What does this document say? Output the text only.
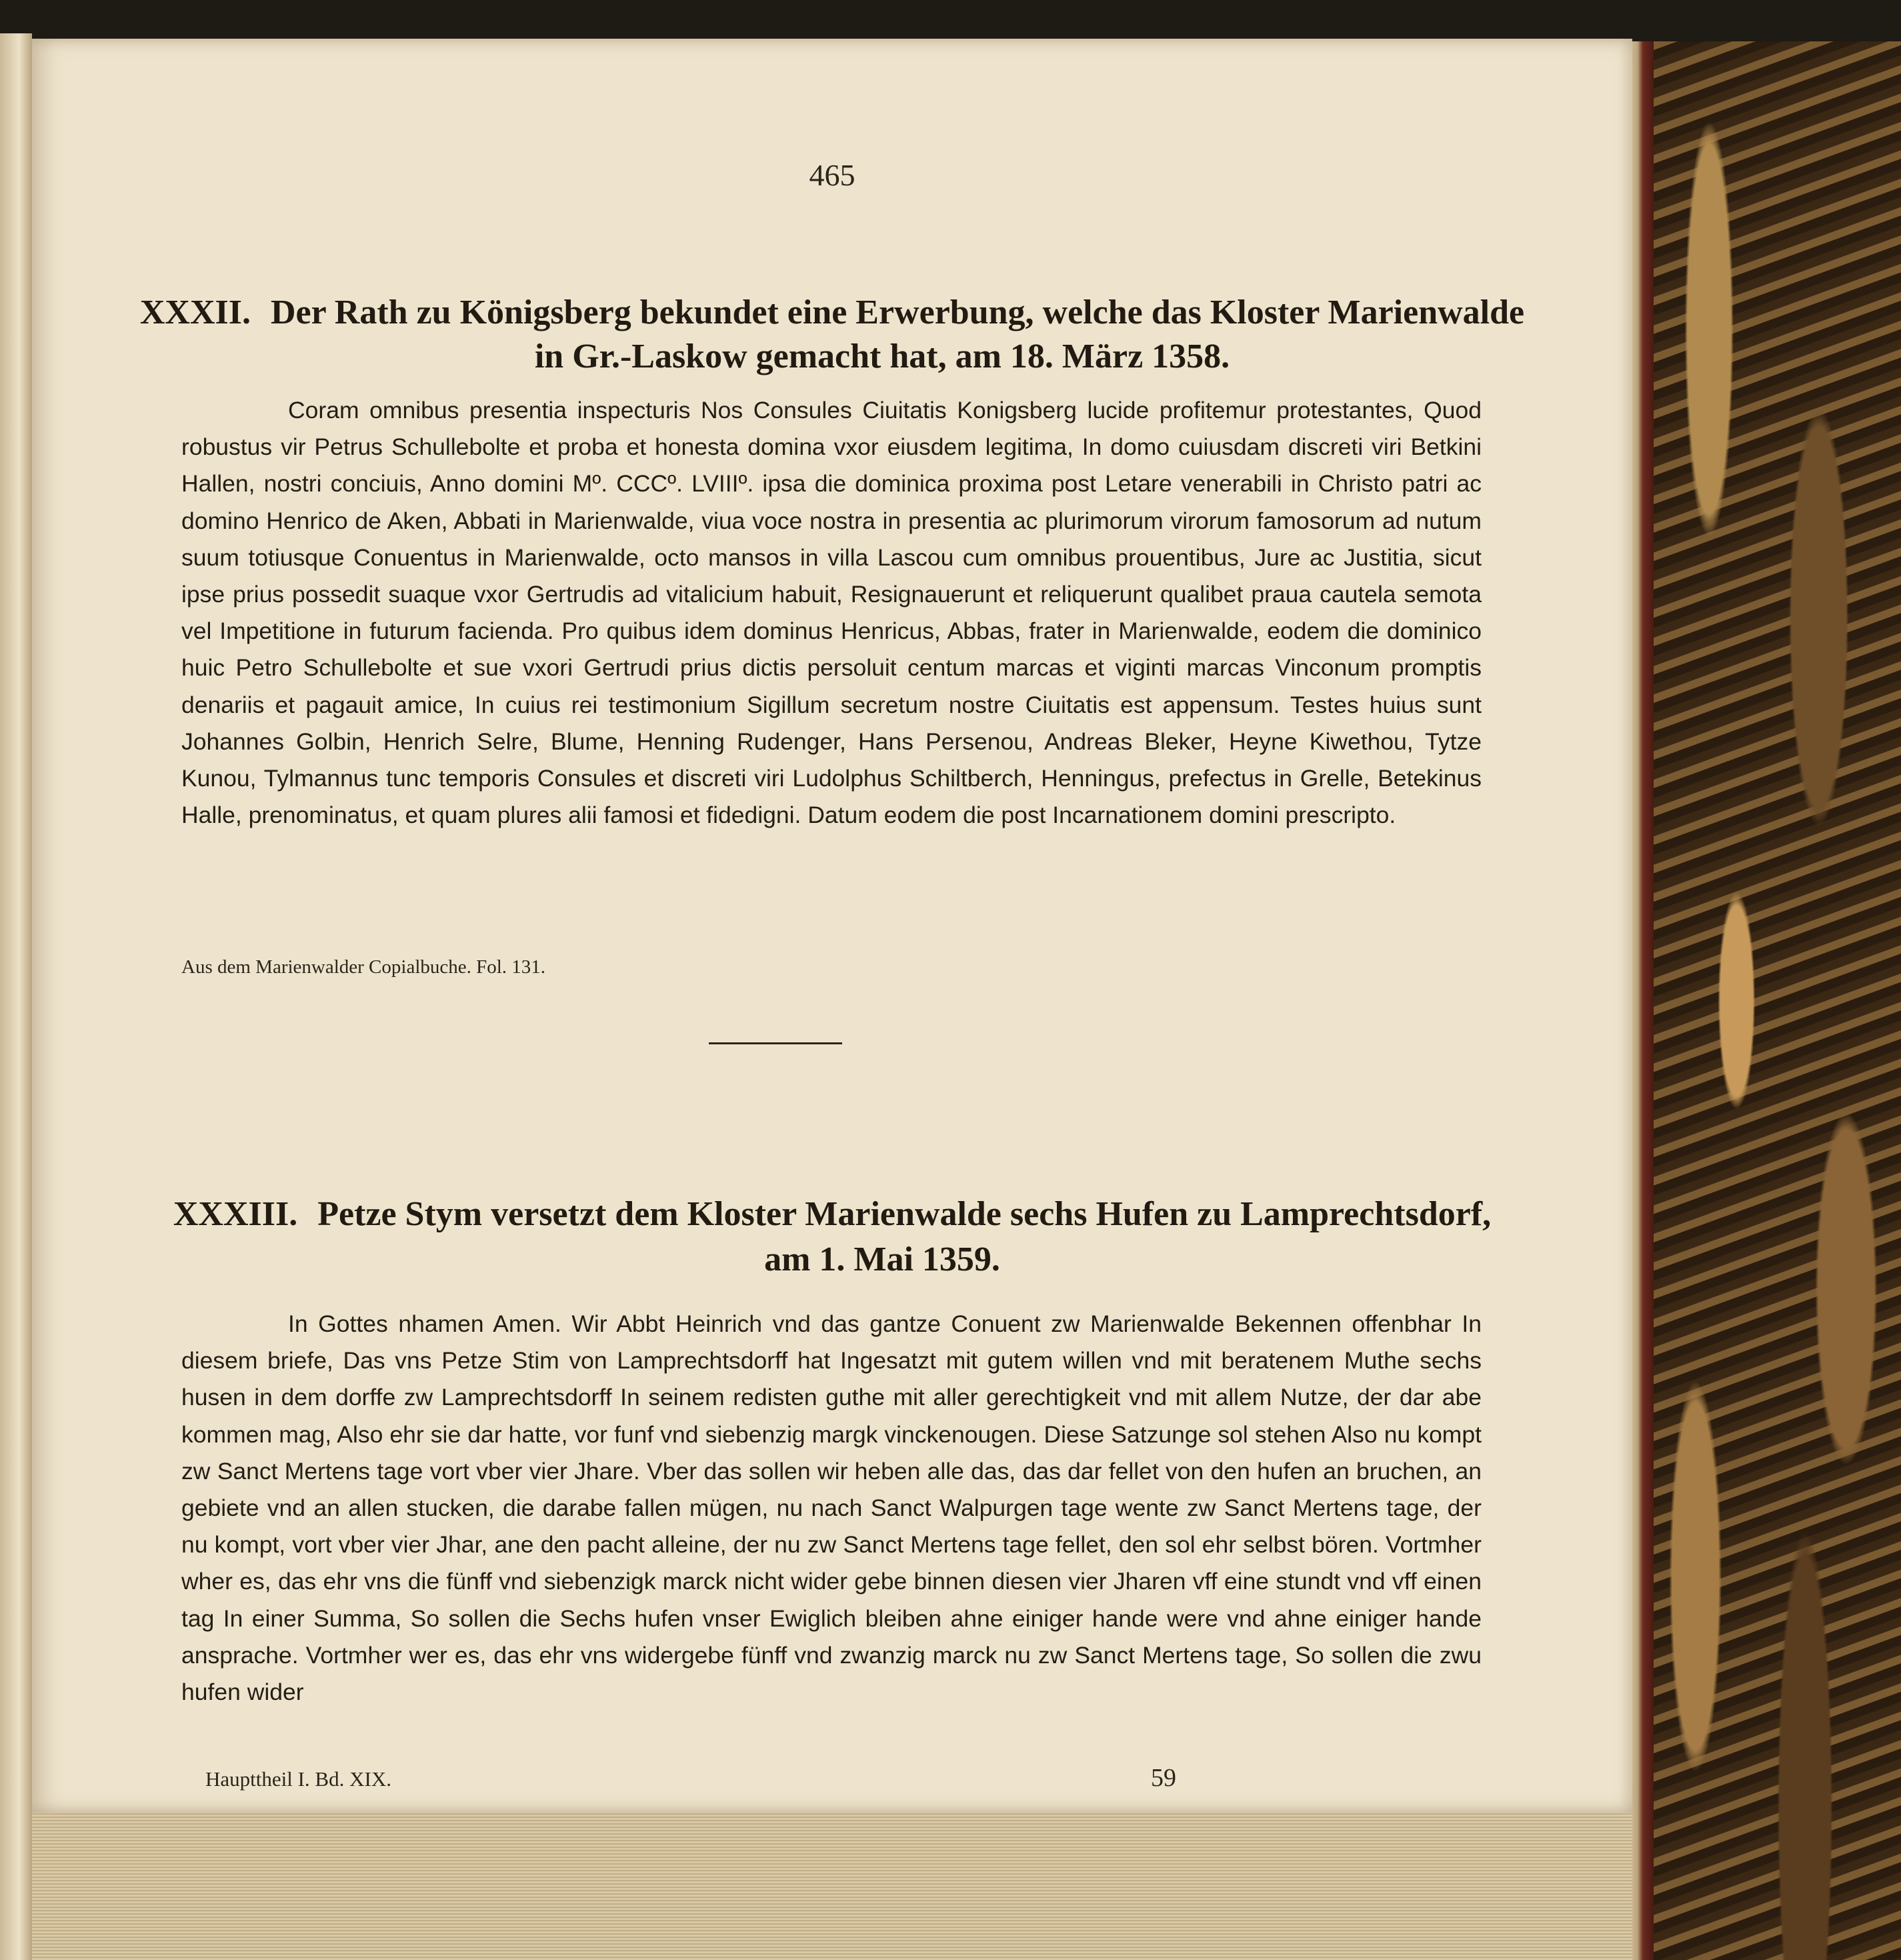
465
XXXII. Der Rath zu Königsberg bekundet eine Erwerbung, welche das Kloster Marienwalde
in Gr.-Laskow gemacht hat, am 18. März 1358.

Coram omnibus presentia inspecturis Nos Consules Ciuitatis Konigsberg lucide profitemur protestantes, Quod robustus vir Petrus Schullebolte et proba et honesta domina vxor eiusdem legitima, In domo cuiusdam discreti viri Betkini Hallen, nostri conciuis, Anno domini Mº. CCCº. LVIIIº. ipsa die dominica proxima post Letare venerabili in Christo patri ac domino Henrico de Aken, Abbati in Marienwalde, viua voce nostra in presentia ac plurimorum virorum famosorum ad nutum suum totiusque Conuentus in Marienwalde, octo mansos in villa Lascou cum omnibus prouentibus, Jure ac Justitia, sicut ipse prius possedit suaque vxor Gertrudis ad vitalicium habuit, Resignauerunt et reliquerunt qualibet praua cautela semota vel Impetitione in futurum facienda. Pro quibus idem dominus Henricus, Abbas, frater in Marienwalde, eodem die dominico huic Petro Schullebolte et sue vxori Gertrudi prius dictis persoluit centum marcas et viginti marcas Vinconum promptis denariis et pagauit amice, In cuius rei testimonium Sigillum secretum nostre Ciuitatis est appensum. Testes huius sunt Johannes Golbin, Henrich Selre, Blume, Henning Rudenger, Hans Persenou, Andreas Bleker, Heyne Kiwethou, Tytze Kunou, Tylmannus tunc temporis Consules et discreti viri Ludolphus Schiltberch, Henningus, prefectus in Grelle, Betekinus Halle, prenominatus, et quam plures alii famosi et fidedigni. Datum eodem die post Incarnationem domini prescripto.

Aus dem Marienwalder Copialbuche. Fol. 131.
XXXIII. Petze Stym versetzt dem Kloster Marienwalde sechs Hufen zu Lamprechtsdorf,
am 1. Mai 1359.

In Gottes nhamen Amen. Wir Abbt Heinrich vnd das gantze Conuent zw Marienwalde Bekennen offenbhar In diesem briefe, Das vns Petze Stim von Lamprechtsdorff hat Ingesatzt mit gutem willen vnd mit beratenem Muthe sechs husen in dem dorffe zw Lamprechtsdorff In seinem redisten guthe mit aller gerechtigkeit vnd mit allem Nutze, der dar abe kommen mag, Also ehr sie dar hatte, vor funf vnd siebenzig margk vinckenougen. Diese Satzunge sol stehen Also nu kompt zw Sanct Mertens tage vort vber vier Jhare. Vber das sollen wir heben alle das, das dar fellet von den hufen an bruchen, an gebiete vnd an allen stucken, die darabe fallen mügen, nu nach Sanct Walpurgen tage wente zw Sanct Mertens tage, der nu kompt, vort vber vier Jhar, ane den pacht alleine, der nu zw Sanct Mertens tage fellet, den sol ehr selbst bören. Vortmher wher es, das ehr vns die fünff vnd siebenzigk marck nicht wider gebe binnen diesen vier Jharen vff eine stundt vnd vff einen tag In einer Summa, So sollen die Sechs hufen vnser Ewiglich bleiben ahne einiger hande were vnd ahne einiger hande ansprache. Vortmher wer es, das ehr vns widergebe fünff vnd zwanzig marck nu zw Sanct Mertens tage, So sollen die zwu hufen wider

Haupttheil I. Bd. XIX.	59
